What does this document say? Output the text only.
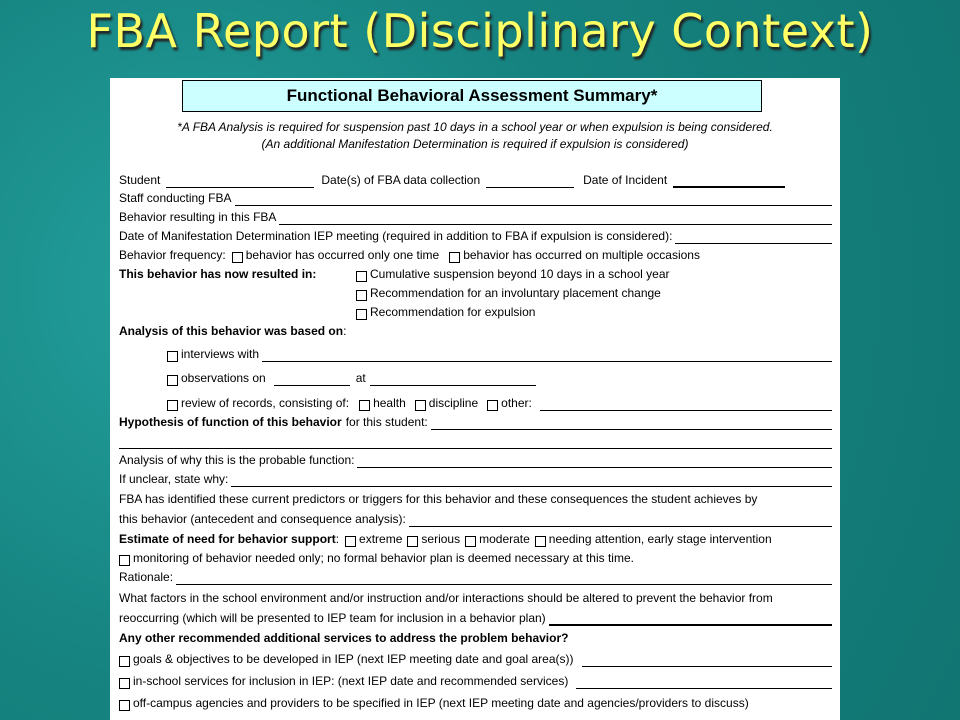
FBA Report (Disciplinary Context)
Functional Behavioral Assessment Summary*
*A FBA Analysis is required for suspension past 10 days in a school year or when expulsion is being considered.
(An additional Manifestation Determination is required if expulsion is considered)
Student	Date(s) of FBA data collection	Date of Incident
Staff conducting FBA
Behavior resulting in this FBA
Date of Manifestation Determination IEP meeting (required in addition to FBA if expulsion is considered):
Behavior frequency: behavior has occurred only one time behavior has occurred on multiple occasions
This behavior has now resulted in:	Cumulative suspension beyond 10 days in a school year
Recommendation for an involuntary placement change
Recommendation for expulsion
Analysis of this behavior was based on :
interviews with
observations on	at
review of records, consisting of: health discipline other:
Hypothesis of function of this behavior for this student:
Analysis of why this is the probable function:
If unclear, state why:
FBA has identified these current predictors or triggers for this behavior and these consequences the student achieves by
this behavior (antecedent and consequence analysis):
Estimate of need for behavior support : extreme serious moderate needing attention, early stage intervention
monitoring of behavior needed only; no formal behavior plan is deemed necessary at this time.
Rationale:
What factors in the school environment and/or instruction and/or interactions should be altered to prevent the behavior from
reoccurring (which will be presented to IEP team for inclusion in a behavior plan)
Any other recommended additional services to address the problem behavior?
goals & objectives to be developed in IEP (next IEP meeting date and goal area(s))
in-school services for inclusion in IEP: (next IEP date and recommended services)
off-campus agencies and providers to be specified in IEP (next IEP meeting date and agencies/providers to discuss)
